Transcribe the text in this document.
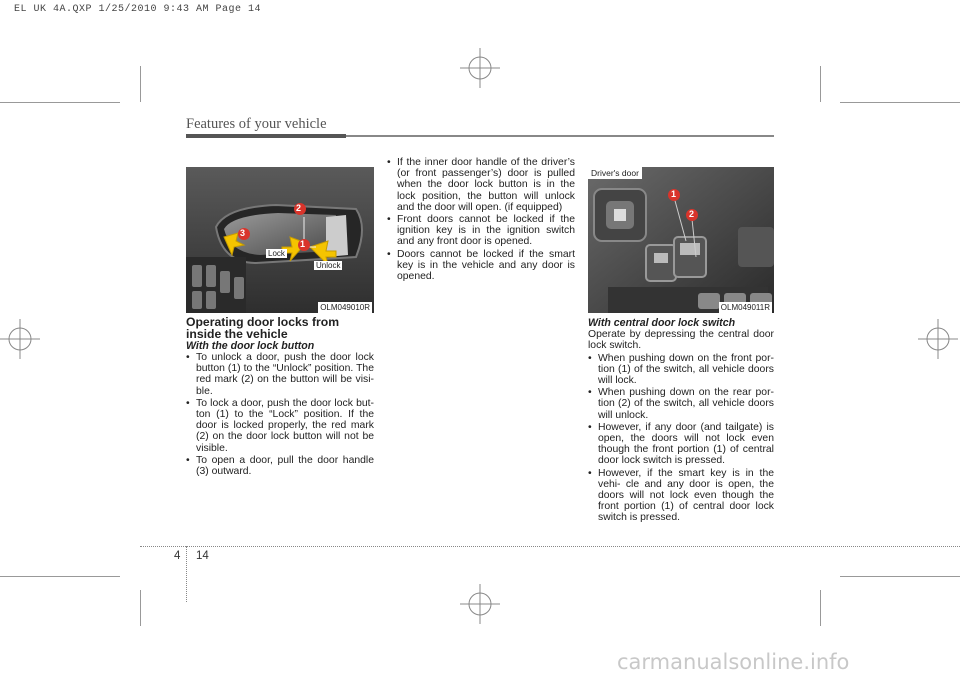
EL UK 4A.QXP 1/25/2010 9:43 AM Page 14
Features of your vehicle
2
1
3
Lock
Unlock
OLM049010R
1
2
Driver's door
OLM049011R

Operating door locks from inside the vehicle

With the door lock button

• To unlock a door, push the door lock button (1) to the “Unlock” position. The red mark (2) on the button will be visi- ble.
• To lock a door, push the door lock but- ton (1) to the “Lock” position. If the door is locked properly, the red mark (2) on the door lock button will not be visible.
• To open a door, pull the door handle (3) outward.
• If the inner door handle of the driver’s (or front passenger’s) door is pulled when the door lock button is in the lock position, the button will unlock and the door will open. (if equipped)
• Front doors cannot be locked if the ignition key is in the ignition switch and any front door is opened.
• Doors cannot be locked if the smart key is in the vehicle and any door is opened.

With central door lock switch

Operate by depressing the central door lock switch.

• When pushing down on the front por- tion (1) of the switch, all vehicle doors will lock.
• When pushing down on the rear por- tion (2) of the switch, all vehicle doors will unlock.
• However, if any door (and tailgate) is open, the doors will not lock even though the front portion (1) of central door lock switch is pressed.
• However, if the smart key is in the vehi- cle and any door is open, the doors will not lock even though the front portion (1) of central door lock switch is pressed.
4 14
carmanualsonline.info
